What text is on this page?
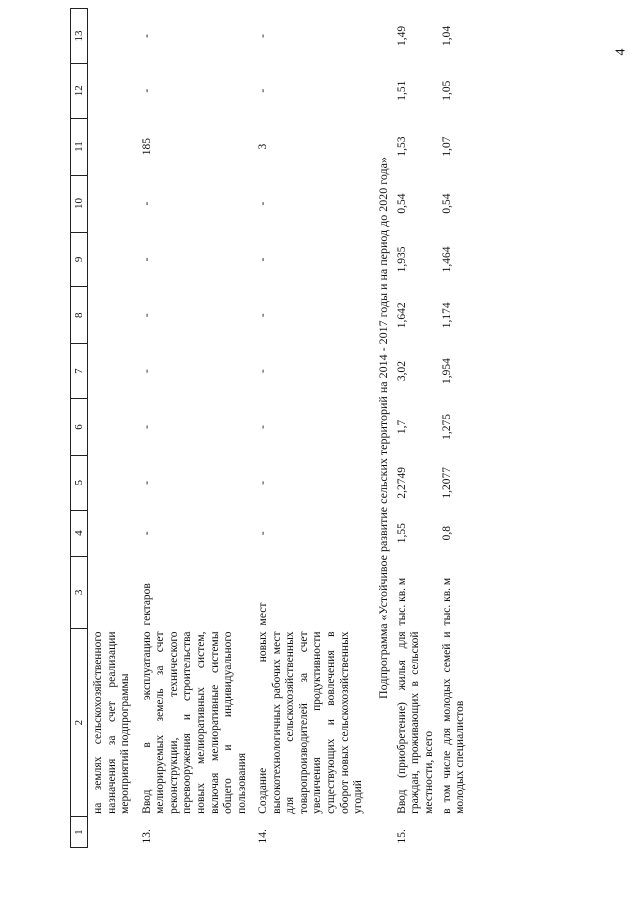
4
1	2	3	4	5	6	7	8	9	10	11	12	13
	на землях сельскохозяйственного назначения за счет реализации мероприятий подпрограммы											
13.	Ввод в эксплуатацию мелиорируемых земель за счет реконструкции, технического перевооружения и строительства новых мелиоративных систем, включая мелиоративные системы общего и индивидуального пользования	гектаров	-	-	-	-	-	-	-	185	-	-
14.	Создание новых высокотехнологичных рабочих мест для сельскохозяйственных товаропроизводителей за счет увеличения продуктивности существующих и вовлечения в оборот новых сельскохозяйственных угодий	мест	-	-	-	-	-	-	-	3	-	-
Подпрограмма «Устойчивое развитие сельских территорий на 2014 - 2017 годы и на период до 2020 года»												
15.	Ввод (приобретение) жилья для граждан, проживающих в сельской местности, всего	тыс. кв. м	1,55	2,2749	1,7	3,02	1,642	1,935	0,54	1,53	1,51	1,49
	в том числе для молодых семей и молодых специалистов	тыс. кв. м	0,8	1,2077	1,275	1,954	1,174	1,464	0,54	1,07	1,05	1,04
